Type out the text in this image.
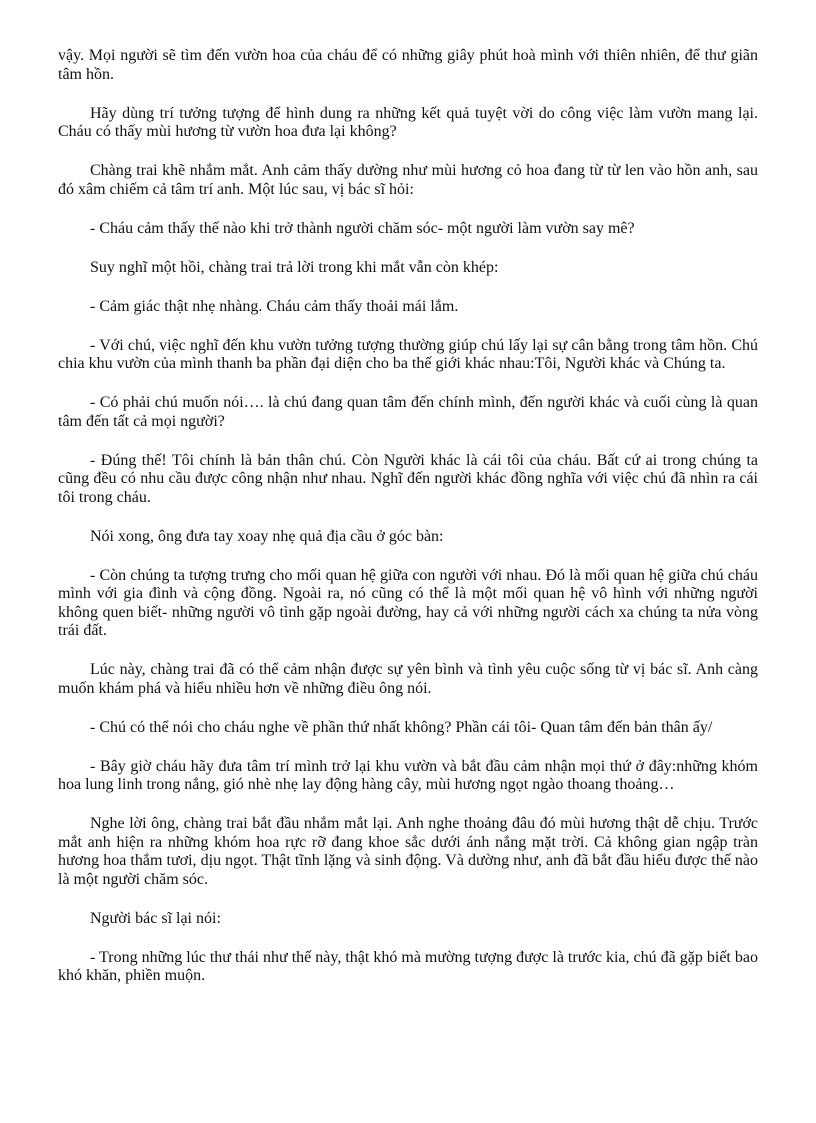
vậy. Mọi người sẽ tìm đến vườn hoa của cháu để có những giây phút hoà mình với thiên nhiên, để thư giãn tâm hồn.

Hãy dùng trí tưởng tượng để hình dung ra những kết quả tuyệt vời do công việc làm vườn mang lại. Cháu có thấy mùi hương từ vườn hoa đưa lại không?

Chàng trai khẽ nhắm mắt. Anh cảm thấy dường như mùi hương cỏ hoa đang từ từ len vào hồn anh, sau đó xâm chiếm cả tâm trí anh. Một lúc sau, vị bác sĩ hỏi:

- Cháu cảm thấy thế nào khi trở thành người chăm sóc- một người làm vườn say mê?

Suy nghĩ một hồi, chàng trai trả lời trong khi mắt vẫn còn khép:

- Cảm giác thật nhẹ nhàng. Cháu cảm thấy thoải mái lắm.

- Với chú, việc nghĩ đến khu vườn tưởng tượng thường giúp chú lấy lại sự cân bằng trong tâm hồn. Chú chia khu vườn của mình thanh ba phần đại diện cho ba thế giới khác nhau:Tôi, Người khác và Chúng ta.

- Có phải chú muốn nói…. là chú đang quan tâm đến chính mình, đến người khác và cuối cùng là quan tâm đến tất cả mọi người?

- Đúng thế! Tôi chính là bản thân chú. Còn Người khác là cái tôi của cháu. Bất cứ ai trong chúng ta cũng đều có nhu cầu được công nhận như nhau. Nghĩ đến người khác đồng nghĩa với việc chú đã nhìn ra cái tôi trong cháu.

Nói xong, ông đưa tay xoay nhẹ quả địa cầu ở góc bàn:

- Còn chúng ta tượng trưng cho mối quan hệ giữa con người với nhau. Đó là mối quan hệ giữa chú cháu mình với gia đình và cộng đồng. Ngoài ra, nó cũng có thể là một mối quan hệ vô hình với những người không quen biết- những người vô tình gặp ngoài đường, hay cả với những người cách xa chúng ta nửa vòng trái đất.

Lúc này, chàng trai đã có thể cảm nhận được sự yên bình và tình yêu cuộc sống từ vị bác sĩ. Anh càng muốn khám phá và hiểu nhiều hơn về những điều ông nói.

- Chú có thể nói cho cháu nghe về phần thứ nhất không? Phần cái tôi- Quan tâm đến bản thân ấy/

- Bây giờ cháu hãy đưa tâm trí mình trở lại khu vườn và bắt đầu cảm nhận mọi thứ ở đây:những khóm hoa lung linh trong nắng, gió nhè nhẹ lay động hàng cây, mùi hương ngọt ngào thoang thoảng…

Nghe lời ông, chàng trai bắt đầu nhắm mắt lại. Anh nghe thoảng đâu đó mùi hương thật dễ chịu. Trước mắt anh hiện ra những khóm hoa rực rỡ đang khoe sắc dưới ánh nắng mặt trời. Cả không gian ngập tràn hương hoa thắm tươi, dịu ngọt. Thật tĩnh lặng và sinh động. Và dường như, anh đã bắt đầu hiểu được thế nào là một người chăm sóc.

Người bác sĩ lại nói:

- Trong những lúc thư thái như thế này, thật khó mà mường tượng được là trước kia, chú đã gặp biết bao khó khăn, phiền muộn.
